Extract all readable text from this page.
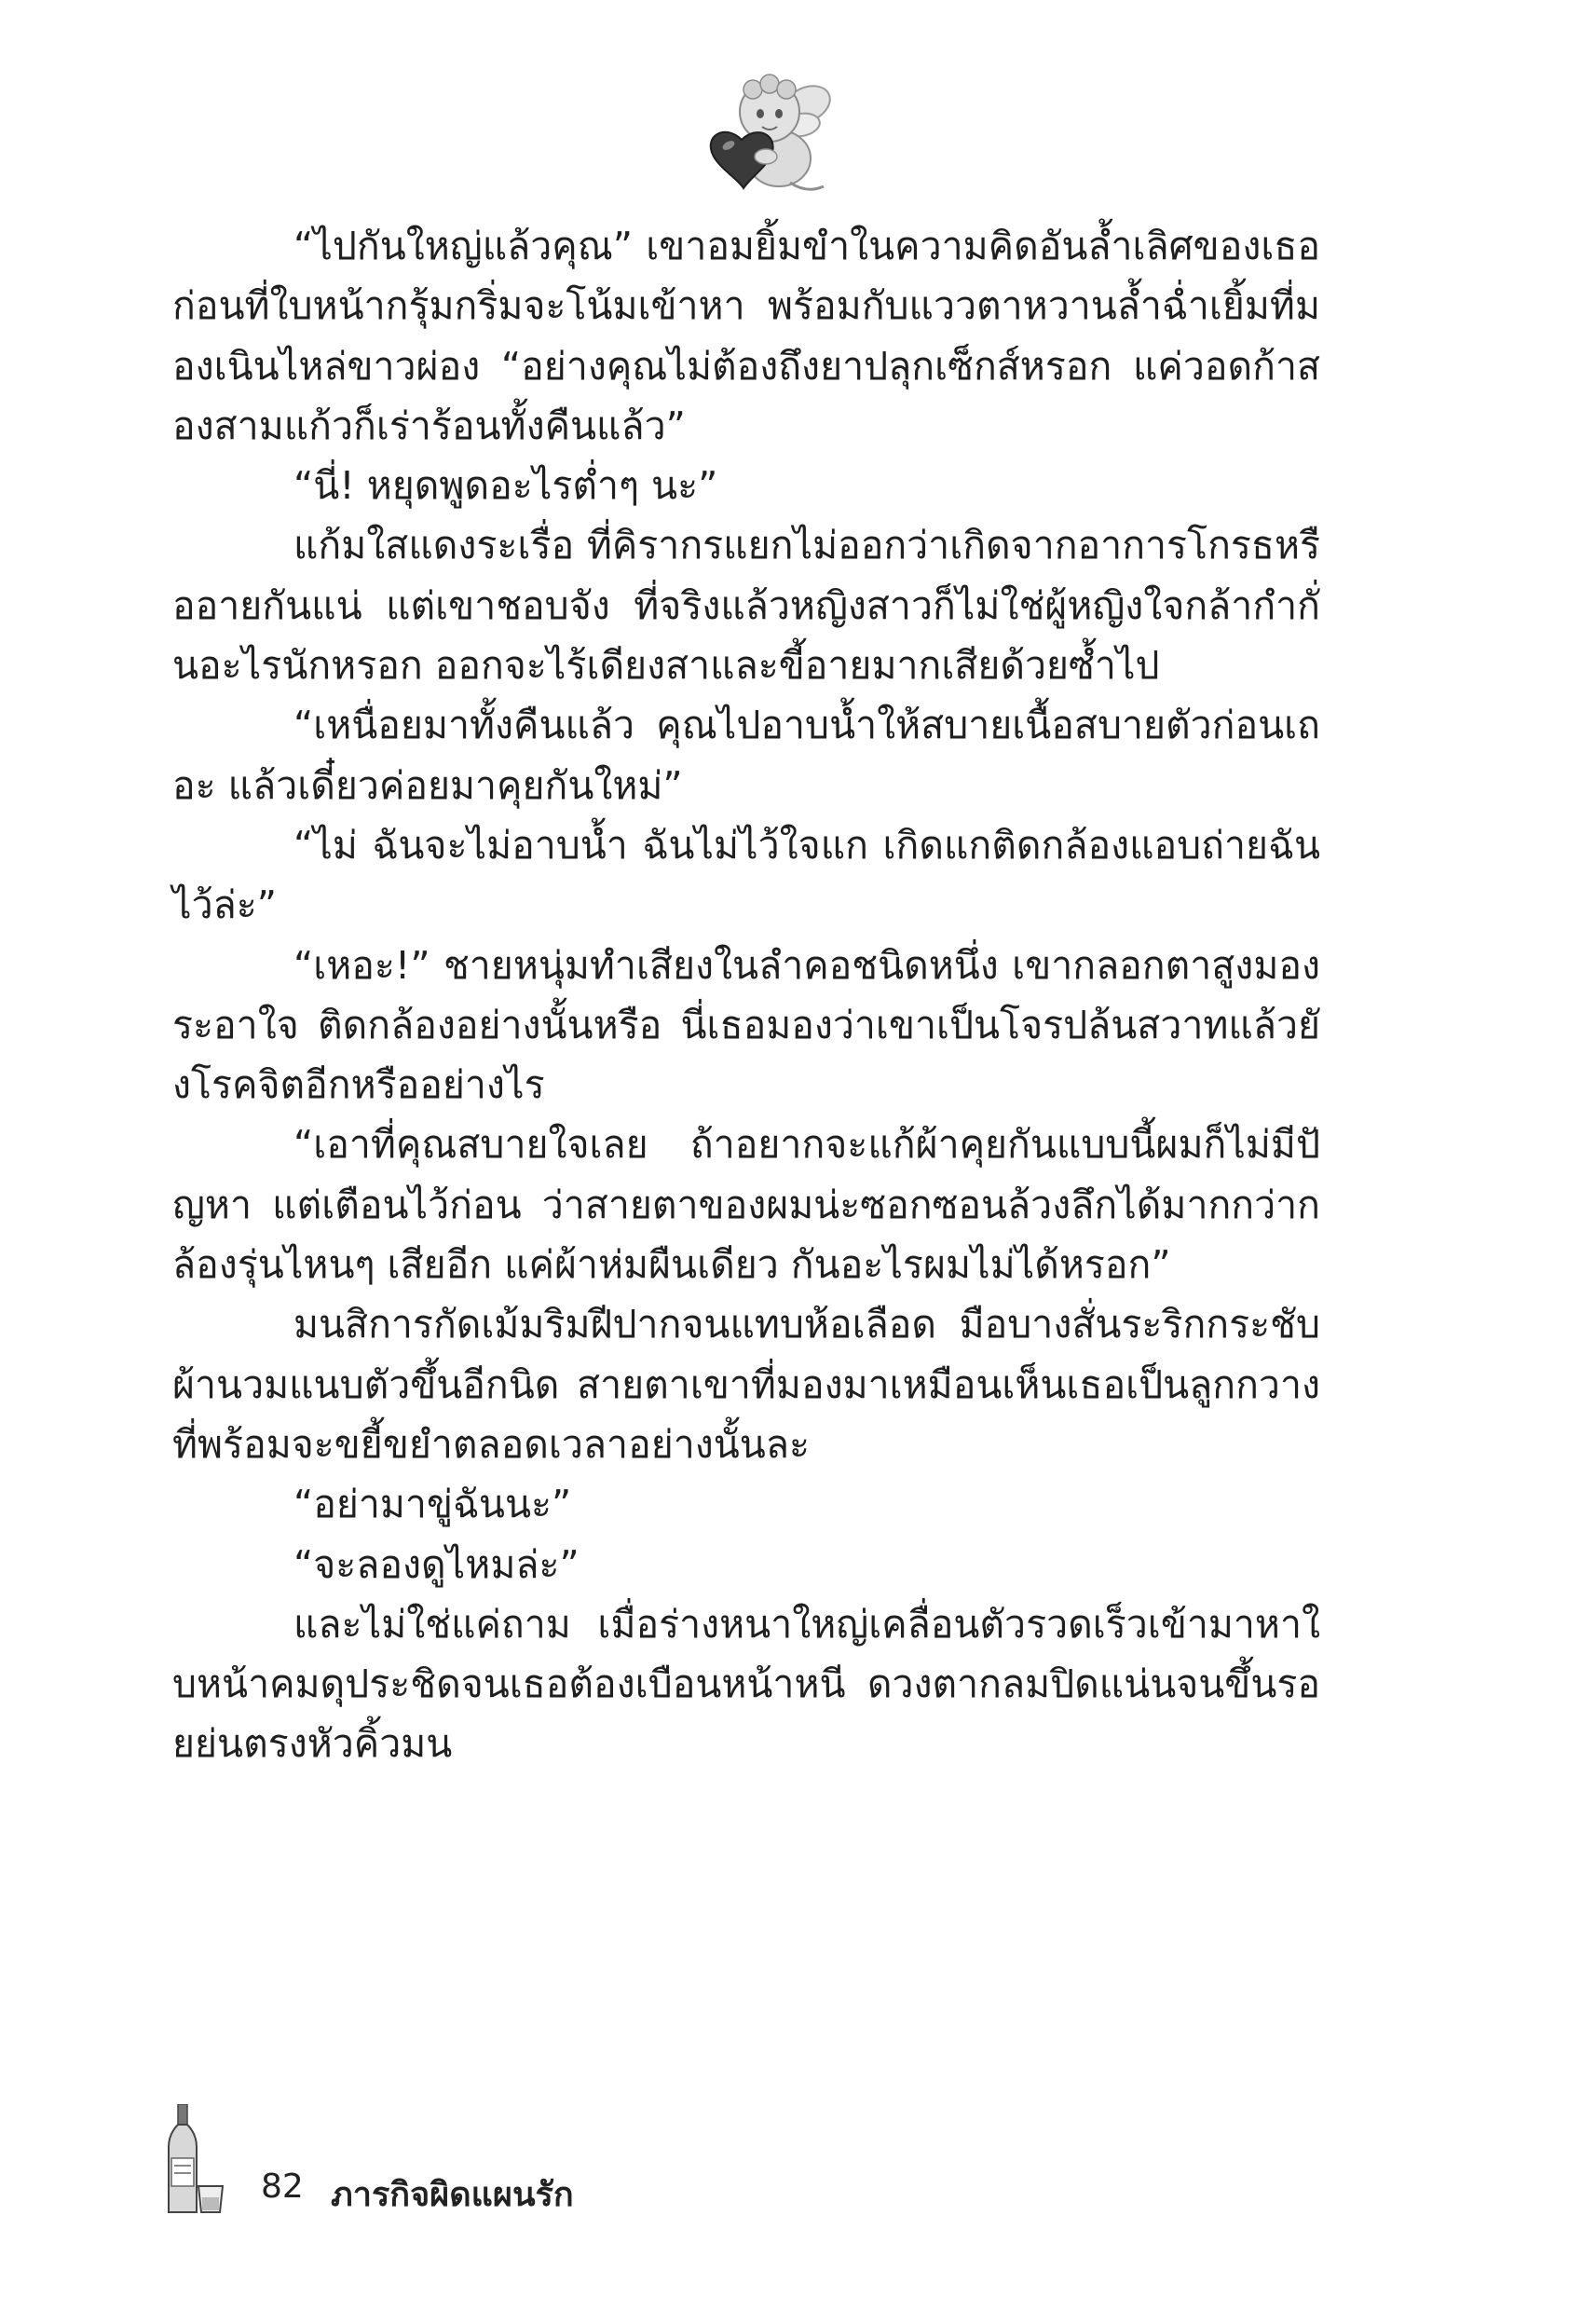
“ไปกันใหญ่แล้วคุณ” เขาอมยิ้มขำในความคิดอันล้ำเลิศของเธอก่อนที่ใบหน้ากรุ้มกริ่มจะโน้มเข้าหา พร้อมกับแววตาหวานล้ำฉ่ำเยิ้มที่มองเนินไหล่ขาวผ่อง “อย่างคุณไม่ต้องถึงยาปลุกเซ็กส์หรอก แค่วอดก้าสองสามแก้วก็เร่าร้อนทั้งคืนแล้ว”

“นี่! หยุดพูดอะไรต่ำๆ นะ”

แก้มใสแดงระเรื่อ ที่คิรากรแยกไม่ออกว่าเกิดจากอาการโกรธหรืออายกันแน่ แต่เขาชอบจัง ที่จริงแล้วหญิงสาวก็ไม่ใช่ผู้หญิงใจกล้ากำกั่นอะไรนักหรอก ออกจะไร้เดียงสาและขี้อายมากเสียด้วยซ้ำไป

“เหนื่อยมาทั้งคืนแล้ว คุณไปอาบน้ำให้สบายเนื้อสบายตัวก่อนเถอะ แล้วเดี๋ยวค่อยมาคุยกันใหม่”

“ไม่ ฉันจะไม่อาบน้ำ ฉันไม่ไว้ใจแก เกิดแกติดกล้องแอบถ่ายฉันไว้ล่ะ”

“เหอะ!” ชายหนุ่มทำเสียงในลำคอชนิดหนึ่ง เขากลอกตาสูงมองระอาใจ ติดกล้องอย่างนั้นหรือ นี่เธอมองว่าเขาเป็นโจรปล้นสวาทแล้วยังโรคจิตอีกหรืออย่างไร

“เอาที่คุณสบายใจเลย ถ้าอยากจะแก้ผ้าคุยกันแบบนี้ผมก็ไม่มีปัญหา แต่เตือนไว้ก่อน ว่าสายตาของผมน่ะซอกซอนล้วงลึกได้มากกว่ากล้องรุ่นไหนๆ เสียอีก แค่ผ้าห่มผืนเดียว กันอะไรผมไม่ได้หรอก”

มนสิการกัดเม้มริมฝีปากจนแทบห้อเลือด มือบางสั่นระริกกระชับผ้านวมแนบตัวขึ้นอีกนิด สายตาเขาที่มองมาเหมือนเห็นเธอเป็นลูกกวางที่พร้อมจะขยี้ขยำตลอดเวลาอย่างนั้นละ

“อย่ามาขู่ฉันนะ”

“จะลองดูไหมล่ะ”

และไม่ใช่แค่ถาม เมื่อร่างหนาใหญ่เคลื่อนตัวรวดเร็วเข้ามาหาใบหน้าคมดุประชิดจนเธอต้องเบือนหน้าหนี ดวงตากลมปิดแน่นจนขึ้นรอยย่นตรงหัวคิ้วมน

82 ภารกิจผิดแผนรัก
